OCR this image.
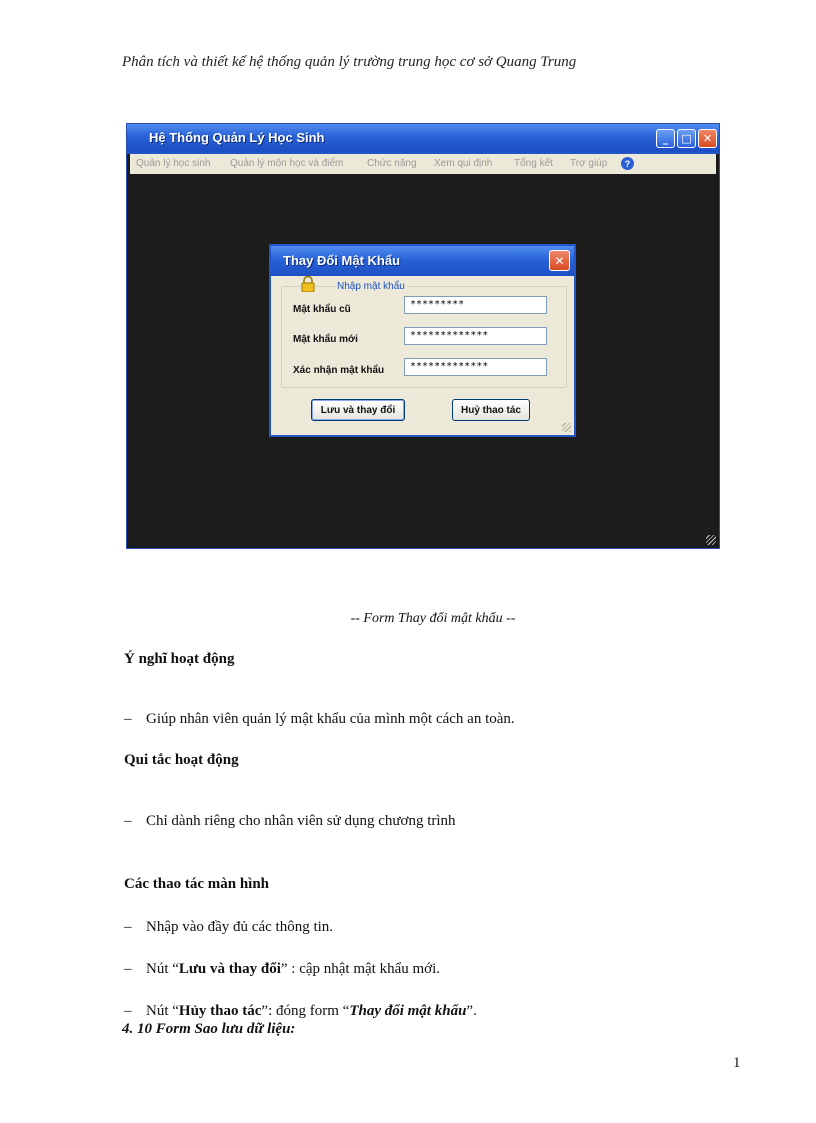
Phân tích và thiết kế hệ thống quản lý trường trung học cơ sở Quang Trung
Hệ Thống Quản Lý Học Sinh	_ □ ✕
Quản lý học sinh Quản lý môn học và điểm Chức năng Xem qui định Tổng kết Trợ giúp	?
Thay Đổi Mật Khẩu	✕
Nhập mật khẩu
Mật khẩu cũ	*********
Mật khẩu mới	*************
Xác nhận mật khẩu	*************
Lưu và thay đổi	Huỷ thao tác
-- Form Thay đổi mật khẩu --
Ý nghĩ hoạt động
– Giúp nhân viên quản lý mật khẩu của mình một cách an toàn.
Qui tắc hoạt động
– Chỉ dành riêng cho nhân viên sử dụng chương trình
Các thao tác màn hình
– Nhập vào đầy đủ các thông tin.
– Nút “Lưu và thay đổi” : cập nhật mật khẩu mới.
– Nút “Hủy thao tác”: đóng form “Thay đổi mật khẩu”.
4. 10 Form Sao lưu dữ liệu:
1
